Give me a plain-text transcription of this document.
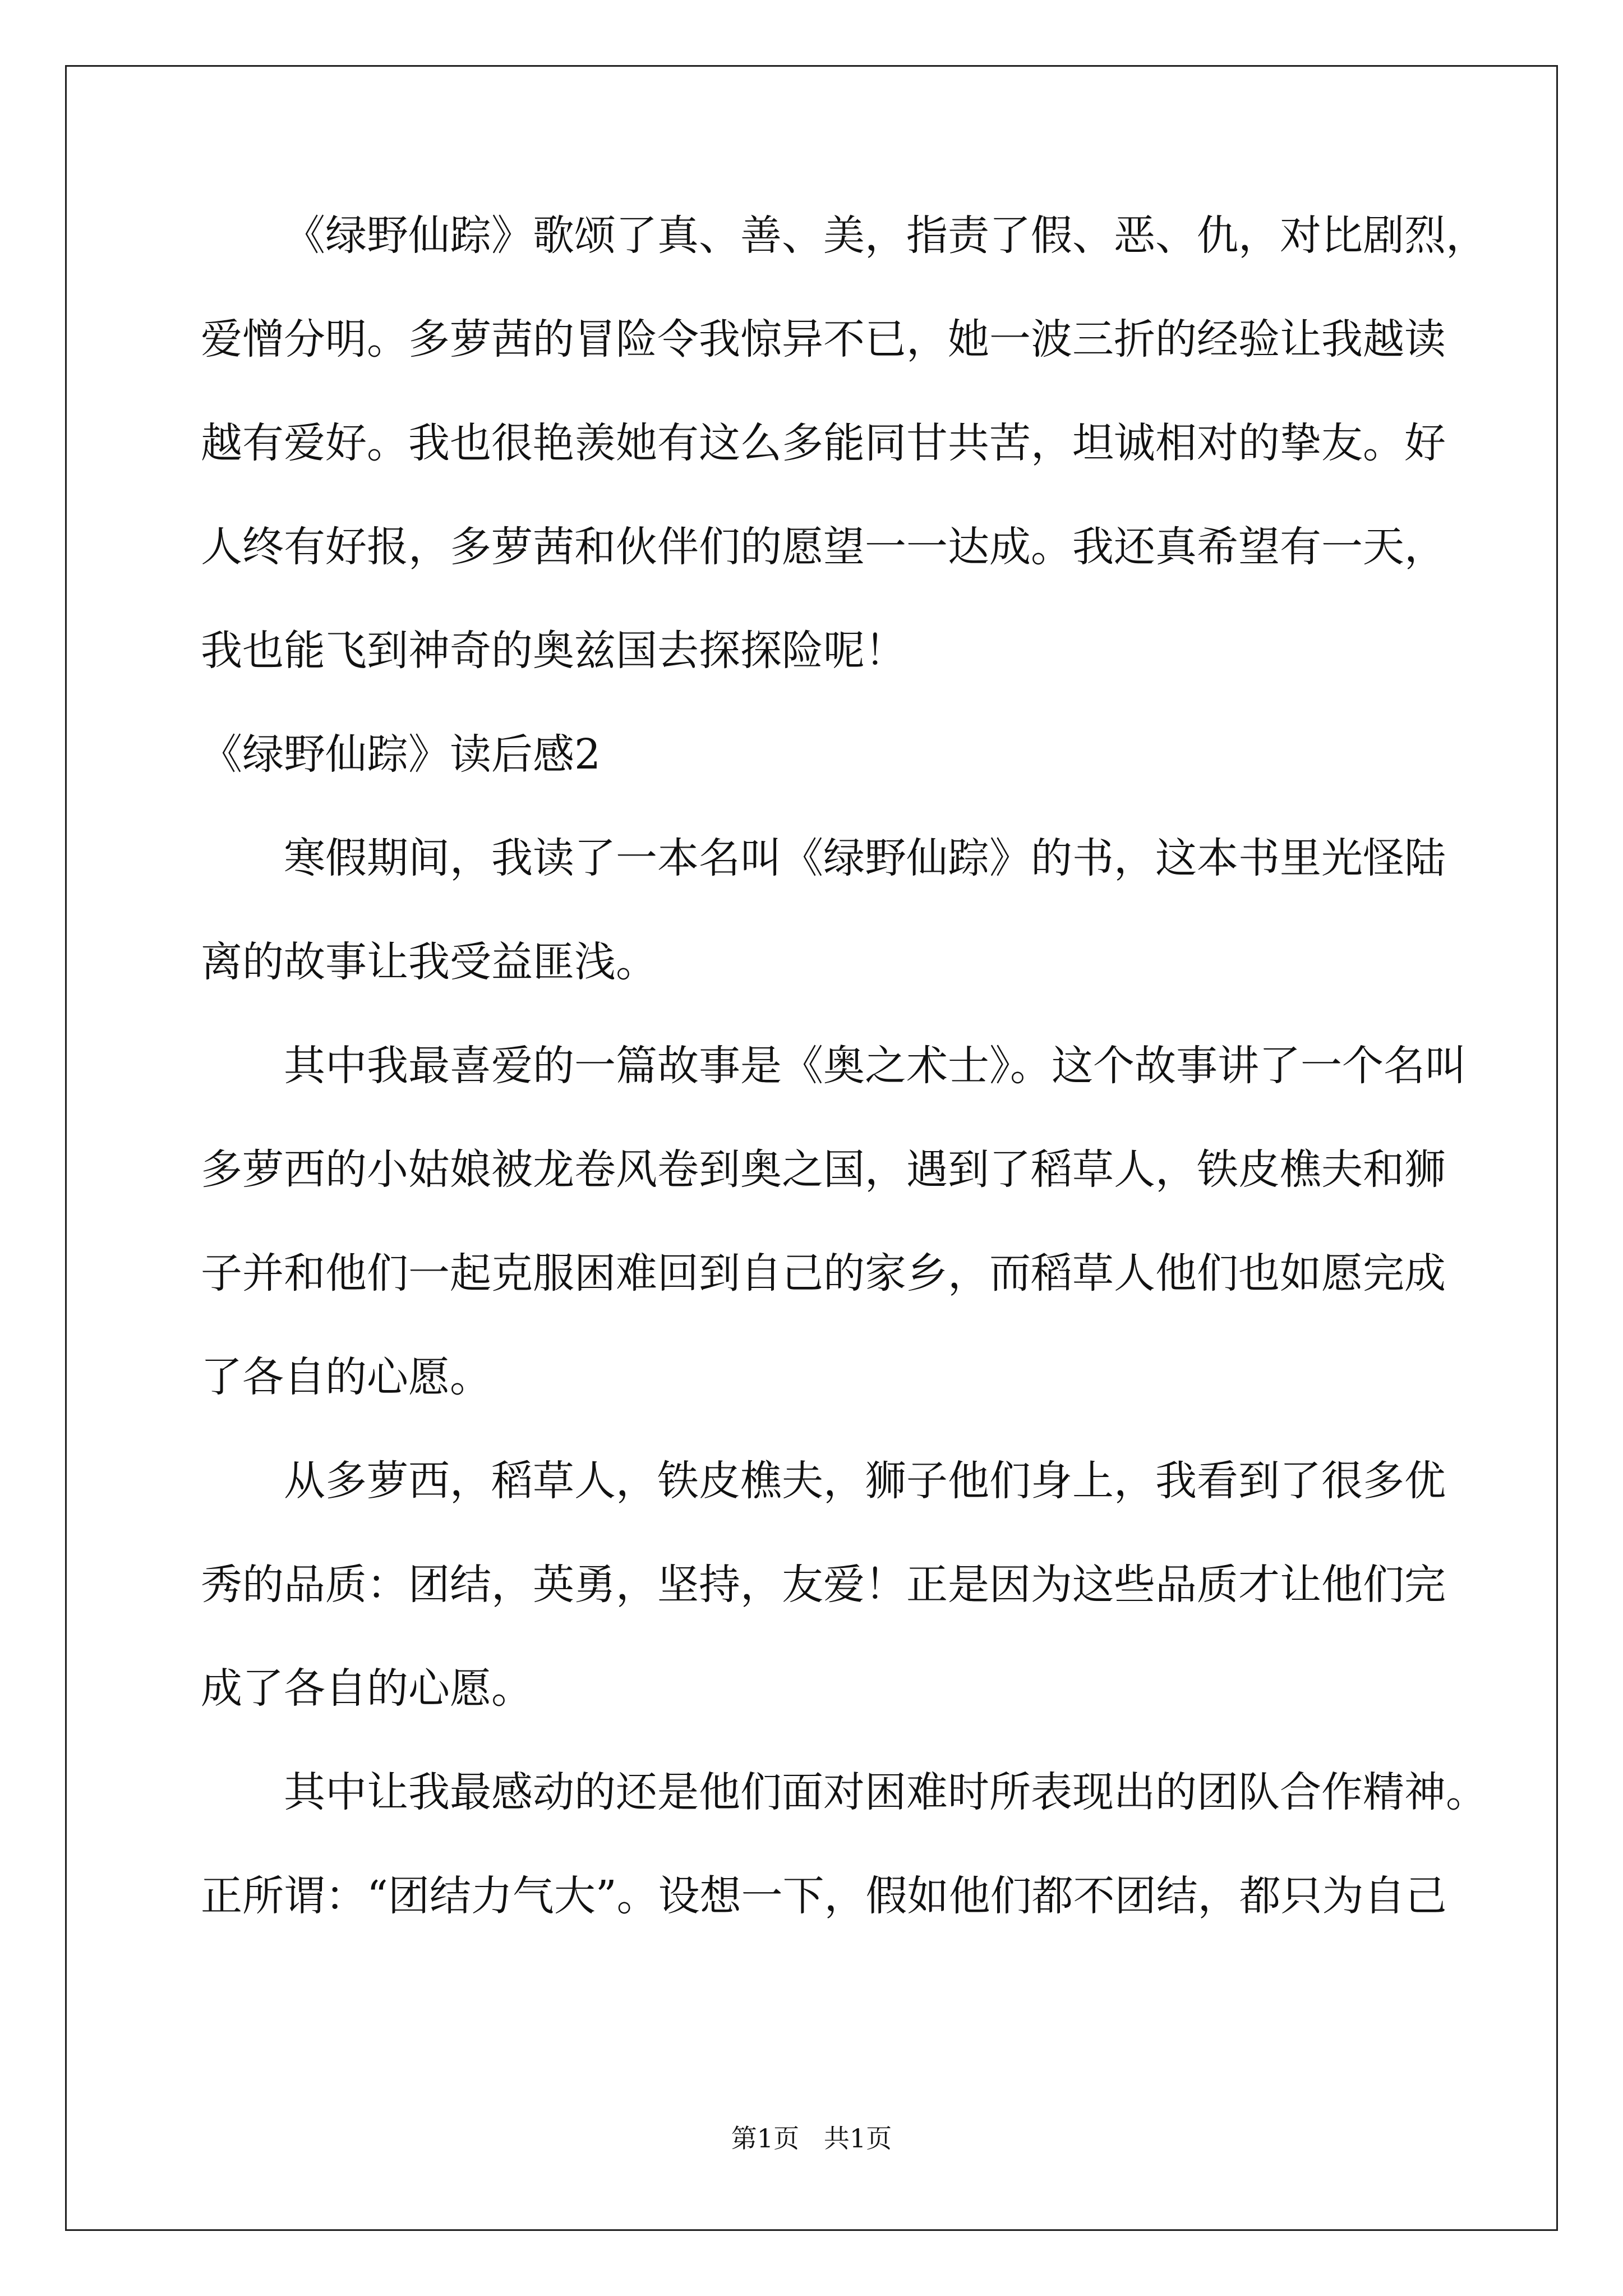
《绿野仙踪》歌颂了真、善、美，指责了假、恶、仇，对比剧烈，
爱憎分明。多萝茜的冒险令我惊异不已，她一波三折的经验让我越读
越有爱好。我也很艳羡她有这么多能同甘共苦，坦诚相对的挚友。好
人终有好报，多萝茜和伙伴们的愿望一一达成。我还真希望有一天，
我也能飞到神奇的奥兹国去探探险呢！
《绿野仙踪》读后感2
寒假期间，我读了一本名叫《绿野仙踪》的书，这本书里光怪陆
离的故事让我受益匪浅。
其中我最喜爱的一篇故事是《奥之术士》。这个故事讲了一个名叫
多萝西的小姑娘被龙卷风卷到奥之国，遇到了稻草人，铁皮樵夫和狮
子并和他们一起克服困难回到自己的家乡，而稻草人他们也如愿完成
了各自的心愿。
从多萝西，稻草人，铁皮樵夫，狮子他们身上，我看到了很多优
秀的品质：团结，英勇，坚持，友爱！正是因为这些品质才让他们完
成了各自的心愿。
其中让我最感动的还是他们面对困难时所表现出的团队合作精神。
正所谓：“团结力气大”。设想一下，假如他们都不团结，都只为自己
第1页   共1页
